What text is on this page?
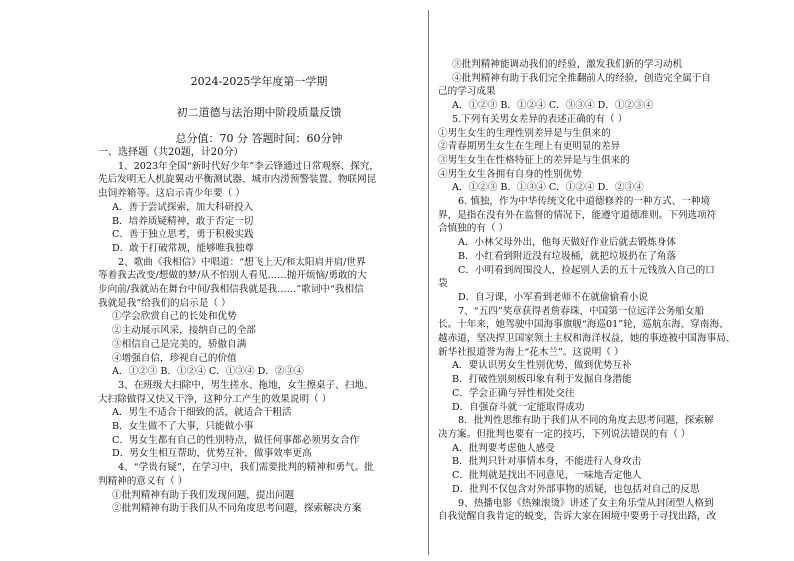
2024-2025学年度第一学期
初二道德与法治期中阶段质量反馈
总分值：70 分 答题时间：60分钟
一、选择题（共20题，计20分）
1、2023年全国“新时代好少年”李云锋通过日常观察、探究，
先后发明无人机旋翼动平衡测试器、城市内涝预警装置、物联网昆
虫饲养箱等。这启示青少年要（ ）
A．善于尝试探索，加大科研投入
B．培养质疑精神，敢于否定一切
C．善于独立思考，勇于积极实践
D．敢于打破常规，能够唯我独尊
2、歌曲《我相信》中唱道：“想飞上天/和太阳肩并肩/世界
等着我去改变/想做的梦/从不怕别人看见……抛开烦恼/勇敢的大
步向前/我就站在舞台中间/我相信我就是我……”歌词中“我相信
我就是我”给我们的启示是（ ）
①学会欣赏自己的长处和优势
②主动展示风采，接纳自己的全部
③相信自己是完美的，骄傲自满
④增强自信，珍视自己的价值
A．①②③ B．①②④ C．①③④ D．②③④
3、在班级大扫除中，男生搓水、拖地，女生擦桌子、扫地、
大扫除做得又快又干净，这种分工产生的效果说明（ ）
A．男生不适合干细致的活，就适合干粗活
B．女生做不了大事，只能做小事
C．男女生都有自己的性别特点，做任何事都必须男女合作
D．男女生相互帮助，优势互补，做事效率更高
4、“学贵有疑”，在学习中，我们需要批判的精神和勇气。批
判精神的意义有（ ）
①批判精神有助于我们发现问题，提出问题
②批判精神有助于我们从不同角度思考问题，探索解决方案
③批判精神能调动我们的经验，激发我们新的学习动机
④批判精神有助于我们完全推翻前人的经验，创造完全属于自
己的学习成果
A．①②③ B．①②④ C．③③④ D．①②③④
5.下列有关男女差异的表述正确的有（ ）
①男生女生的生理性别差异是与生俱来的
②青春期男生女生在生理上有更明显的差异
③男生女生在性格特征上的差异是与生俱来的
④男生女生各拥有自身的性别优势
A．①②③ B．①③④ C．①②④ D．②③④
6. 慎独，作为中华传统文化中道德修养的一种方式、一种境
界，是指在没有外在监督的情况下，能遵守道德准则。下列选项符
合慎独的有（ ）
A．小林父母外出，他每天做好作业后就去锻炼身体
B．小红看到附近没有垃圾桶，就把垃圾扔在了角落
C．小明看到周围没人，捡起别人丢的五十元钱放入自己的口
袋
D．自习课，小军看到老师不在就偷偷看小说
7、“五四”奖章获得者詹春珠，中国第一位远洋公务船女船
长。十年来，她驾驶中国海事旗舰“海巡01”轮，巡航东海、穿南海、
越赤道，坚决捍卫国家领土主权和海洋权益，她的事迹被中国海事局、
新华社报道誉为海上“花木兰”。这说明（ ）
A．要认识男女生性别优势，做到优势互补
B．打破性别刻板印象有利于发掘自身潜能
C．学会正确与异性相处交往
D．自强奋斗就一定能取得成功
8．批判性思维有助于我们从不同的角度去思考问题，探索解
决方案。但批判也要有一定的技巧，下列说法错误的有（ ）
A．批判要考虑他人感受
B．批判只针对事情本身，不能进行人身攻击
C．批判就是找出不同意见，一味地否定他人
D．批判不仅包含对外部事物的质疑，也包括对自己的反思
9、热播电影《热辣滚烫》讲述了女主角乐莹从封闭型人格到
自我觉醒自我肯定的蜕变，告诉大家在困境中要勇于寻找出路，改
